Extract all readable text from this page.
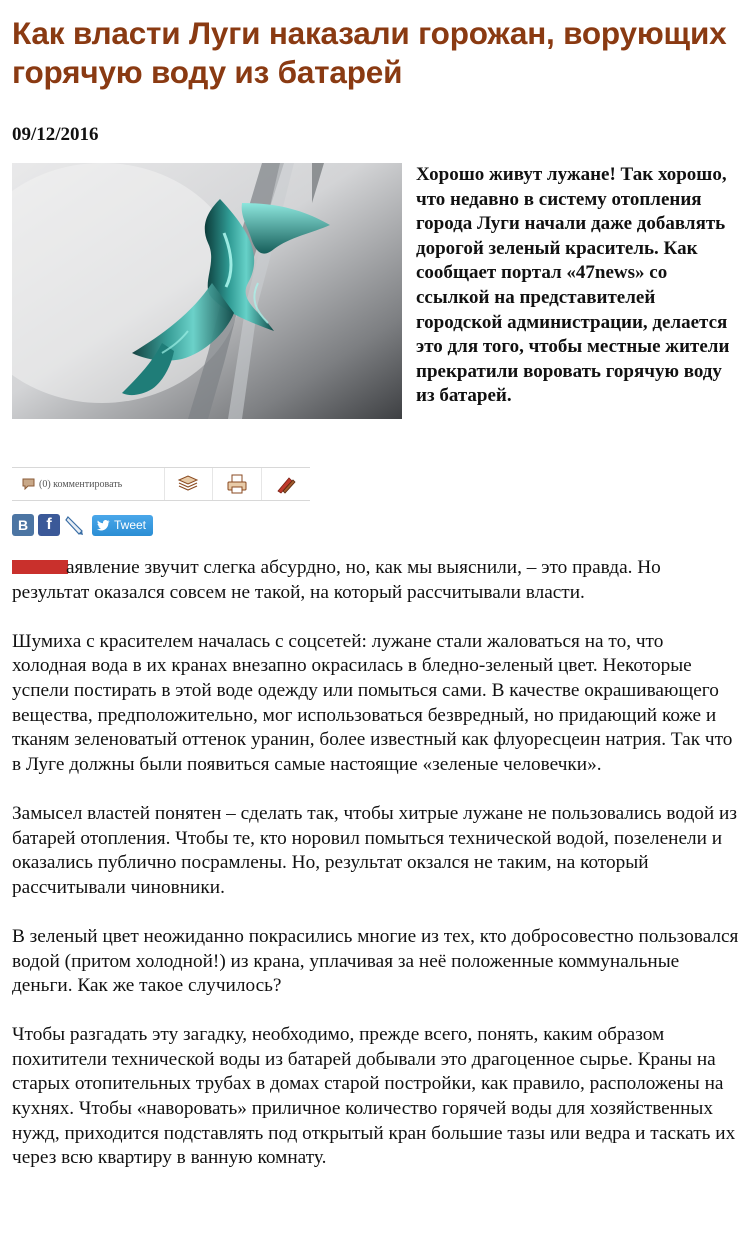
Как власти Луги наказали горожан, ворующих горячую воду из батарей
09/12/2016
Хорошо живут лужане! Так хорошо, что недавно в систему отопления города Луги начали даже добавлять дорогой зеленый краситель. Как сообщает портал «47news» со ссылкой на представителей городской администрации, делается это для того, чтобы местные жители прекратили воровать горячую воду из батарей.
(0) комментировать
B	f	Tweet

аявление звучит слегка абсурдно, но, как мы выяснили, – это правда. Но результат оказался совсем не такой, на который рассчитывали власти.

Шумиха с красителем началась с соцсетей: лужане стали жаловаться на то, что холодная вода в их кранах внезапно окрасилась в бледно-зеленый цвет. Некоторые успели постирать в этой воде одежду или помыться сами. В качестве окрашивающего вещества, предположительно, мог использоваться безвредный, но придающий коже и тканям зеленоватый оттенок уранин, более известный как флуоресцеин натрия. Так что в Луге должны были появиться самые настоящие «зеленые человечки».

Замысел властей понятен – сделать так, чтобы хитрые лужане не пользовались водой из батарей отопления. Чтобы те, кто норовил помыться технической водой, позеленели и оказались публично посрамлены. Но, результат окзался не таким, на который рассчитывали чиновники.

В зеленый цвет неожиданно покрасились многие из тех, кто добросовестно пользовался водой (притом холодной!) из крана, уплачивая за неё положенные коммунальные деньги. Как же такое случилось?

Чтобы разгадать эту загадку, необходимо, прежде всего, понять, каким образом похитители технической воды из батарей добывали это драгоценное сырье. Краны на старых отопительных трубах в домах старой постройки, как правило, расположены на кухнях. Чтобы «наворовать» приличное количество горячей воды для хозяйственных нужд, приходится подставлять под открытый кран большие тазы или ведра и таскать их через всю квартиру в ванную комнату.
